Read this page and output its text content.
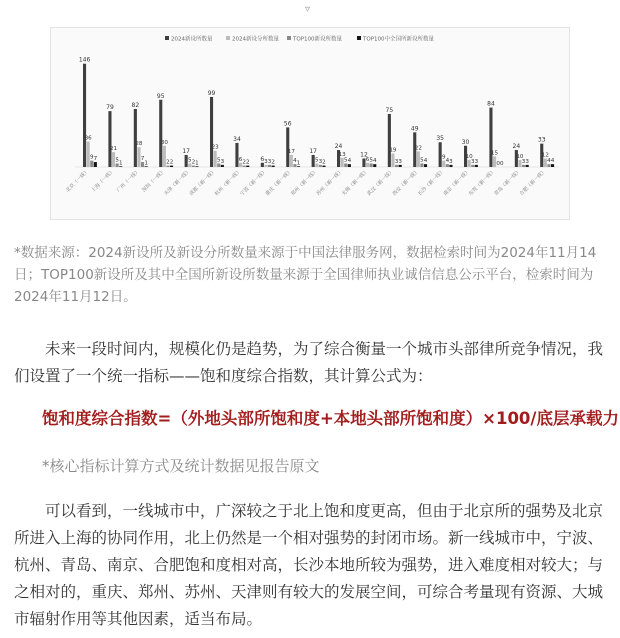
▿
2024新设所数量	2024新设分所数量	TOP100新设所数量	TOP100中全国所新设所数量
146
36
9 7
北京（一线）
79
21
5 1
上海（一线）
82
28
7
1
广州（一线）
95
30
2 2
深圳（一线）
17
5 2 1
天津（新一线）
99
23
5 3
成都（新一线）
34
6 2 2
杭州（新一线）
6 3 3 2
宁波（新一线）
56
17
4 1
重庆（新一线）
17
5 3 2
郑州（新一线）
24
13
5 4
苏州（新一线）
12
6 5 4
无锡（新一线）
75
19
3 3
武汉（新一线）
49
22
5 4
西安（新一线）
35
9
4 3
长沙（新一线）
30
10
3 3
南京（新一线）
84
15
0 0
东莞（新一线）
24
10
3 3
青岛（新一线）
33
12
4 4
合肥（新一线）

*数据来源：2024新设所及新设分所数量来源于中国法律服务网，数据检索时间为2024年11月14日；TOP100新设所及其中全国所新设所数量来源于全国律师执业诚信信息公示平台，检索时间为2024年11月12日。

未来一段时间内，规模化仍是趋势，为了综合衡量一个城市头部律所竞争情况，我们设置了一个统一指标——饱和度综合指数，其计算公式为：

饱和度综合指数=（外地头部所饱和度+本地头部所饱和度）×100/底层承载力
*核心指标计算方式及统计数据见报告原文

可以看到，一线城市中，广深较之于北上饱和度更高，但由于北京所的强势及北京所进入上海的协同作用，北上仍然是一个相对强势的封闭市场。新一线城市中，宁波、杭州、青岛、南京、合肥饱和度相对高，长沙本地所较为强势，进入难度相对较大；与之相对的，重庆、郑州、苏州、天津则有较大的发展空间，可综合考量现有资源、大城市辐射作用等其他因素，适当布局。
